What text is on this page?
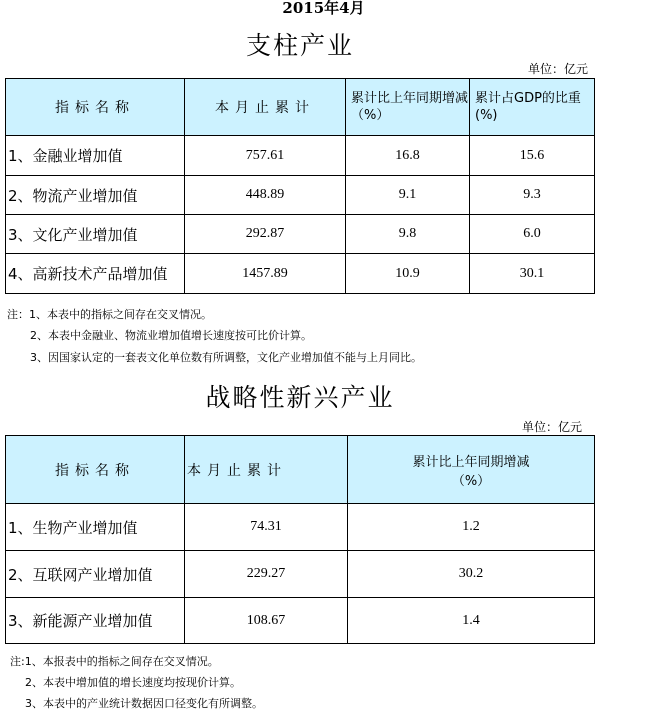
2015年4月
支柱产业
单位：亿元
指标名称	本月止累计	累计比上年同期增减（%）	累计占GDP的比重(%)
1、金融业增加值	757.61	16.8	15.6
2、物流产业增加值	448.89	9.1	9.3
3、文化产业增加值	292.87	9.8	6.0
4、高新技术产品增加值	1457.89	10.9	30.1
注：1、本表中的指标之间存在交叉情况。
2、本表中金融业、物流业增加值增长速度按可比价计算。
3、因国家认定的一套表文化单位数有所调整，文化产业增加值不能与上月同比。
战略性新兴产业
单位：亿元
指标名称	本月止累计	累计比上年同期增减（%）
1、生物产业增加值	74.31	1.2
2、互联网产业增加值	229.27	30.2
3、新能源产业增加值	108.67	1.4
注:1、本报表中的指标之间存在交叉情况。
2、本表中增加值的增长速度均按现价计算。
3、本表中的产业统计数据因口径变化有所调整。
